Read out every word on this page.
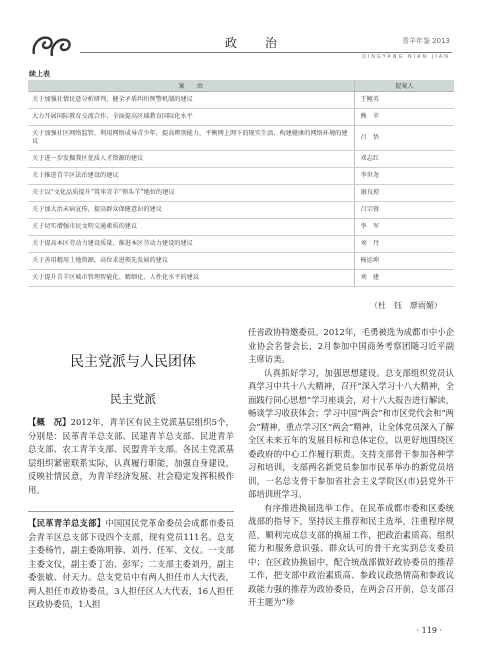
政　治	青羊年鉴 2013
QINGYANG NIAN JIAN
续上表
案　　由	提案人
关于加强社情民意分析研判，健全矛盾纠纷预警机制的建议	王鲍英
大力开展国际教育交流合作，全面提高区域教育国际化水平	熊　苹
关于加强社区网络监管，利用网络成导青少年，提高辨别能力，平衡网上网下的现实生活，构建健康的网络环境的建议	吕　悟
关于进一步发掘我区优质人才资源的建议	邓志红
关于推进青羊区法治建设的建议	李世尧
关于以“文化品质提升”筑牢青羊“领头羊”地位的建议	康良琼
关于加大治未病宣传，提高群众保健意识的建议	吕宗蓉
关于切实增强市民文明交通素质的建议	李　军
关于提高本区劳动力建设质量，推进本区劳动力建设的建议	刘　丹
关于善用精用土地资源，高位求进领先发展的建议	杨运坤
关于提升青羊区城市管理智能化、精细化、人性化水平的建议	刘　建
（杜　钰　廖雨媚）
民主党派与人民团体
民主党派
【概　况】2012年，青羊区有民主党派基层组织5个，分别是：民革青羊总支部、民建青羊总支部、民进青羊总支部、农工青羊支部、民盟青羊支部。各民主党派基层组织紧密联系实际，认真履行职能，加强自身建设，反映社情民意，为青羊经济发展、社会稳定发挥积极作用。
【民革青羊总支部】中国国民党革命委员会成都市委员会青羊区总支部下设四个支部，现有党员111名。总支主委杨竹，副主委陈明蓉、刘丹、任军、文仪。一支部主委文仪，副主委丁治、彭军；二支部主委刘丹，副主委张敏、付天力。总支党员中有两人担任市人大代表，两人担任市政协委员，3人担任区人大代表，16人担任区政协委员，1人担

任省政协特邀委员。2012年，毛勇被选为成都市中小企业协会名誉会长，2月参加中国商务考察团随习近平副主席访美。

认真抓好学习，加强思想建设。总支部组织党员认真学习中共十八大精神，召开“深入学习十八大精神，全面践行同心思想”学习座谈会，对十八大报告进行解读，畅谈学习收获体会；学习中国“两会”和市区党代会和“两会”精神，重点学习区“两会”精神，让全体党员深入了解全区未来五年的发展目标和总体定位，以更好地围绕区委政府的中心工作履行职责。支持支部骨干参加各种学习和培训，支部两名新党员参加市民革举办的新党员培训，一名总支骨干参加省社会主义学院区(市)县党外干部培训班学习。

有序推进换届选举工作。在民革成都市委和区委统战部的指导下，坚持民主推荐和民主选举，注重程序规范，顺利完成总支部的换届工作，把政治素质高、组织能力和服务意识强、群众认可的骨干充实到总支委员中；在区政协换届中，配合统战部做好政协委员的推荐工作，把支部中政治素质高、参政议政热情高和参政议政能力强的推荐为政协委员，在两会召开前，总支部召开主题为“珍

· 119 ·
